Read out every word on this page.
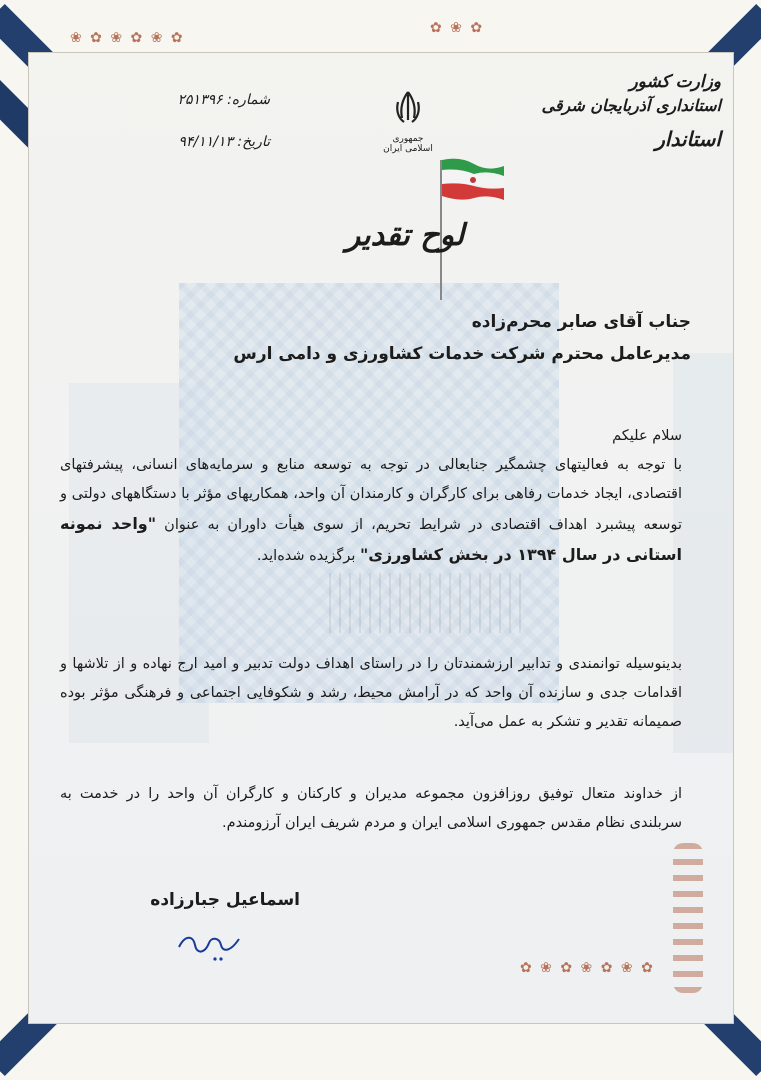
❀ ✿ ❀ ✿ ❀ ✿
✿ ❀ ✿
✿ ❀ ✿ ❀ ✿ ❀ ✿
شماره: ۲۵۱۳۹۶
تاریخ: ۹۴/۱۱/۱۳	جمهوری اسلامی ایران
وزارت کشور
استانداری آذربایجان شرقی
استاندار
لوح تقدیر
جناب آقای صابر محرم‌زاده
مدیرعامل محترم شرکت خدمات کشاورزی و دامی ارس
سلام علیکم
با توجه به فعالیتهای چشمگیر جنابعالی در توجه به توسعه منابع و سرمایه‌های انسانی، پیشرفتهای اقتصادی، ایجاد خدمات رفاهی برای کارگران و کارمندان آن واحد، همکاریهای مؤثر با دستگاههای دولتی و توسعه پیشبرد اهداف اقتصادی در شرایط تحریم، از سوی هیأت داوران به عنوان "واحد نمونه استانی در سال ۱۳۹۴ در بخش کشاورزی" برگزیده شده‌اید.
بدینوسیله توانمندی و تدابیر ارزشمندتان را در راستای اهداف دولت تدبیر و امید ارج نهاده و از تلاشها و اقدامات جدی و سازنده آن واحد که در آرامش محیط، رشد و شکوفایی اجتماعی و فرهنگی مؤثر بوده صمیمانه تقدیر و تشکر به عمل می‌آید.
از خداوند متعال توفیق روزافزون مجموعه مدیران و کارکنان و کارگران آن واحد را در خدمت به سربلندی نظام مقدس جمهوری اسلامی ایران و مردم شریف ایران آرزومندم.
اسماعیل جبارزاده
